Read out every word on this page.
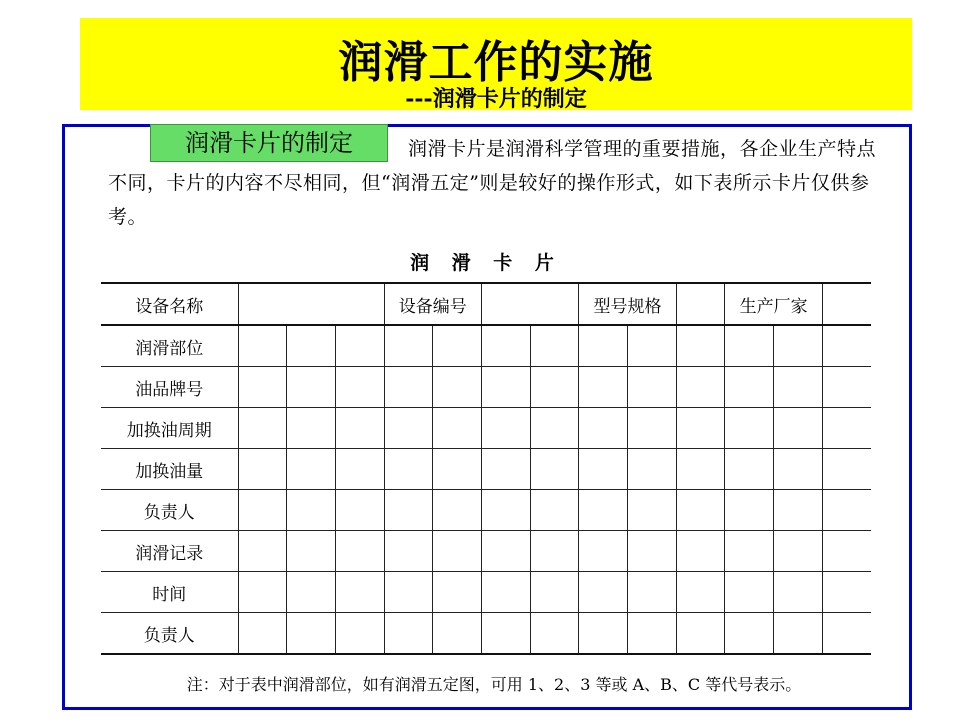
润滑工作的实施
---润滑卡片的制定
润滑卡片是润滑科学管理的重要措施，各企业生产特点不同，卡片的内容不尽相同，但“润滑五定”则是较好的操作形式，如下表所示卡片仅供参考。
润滑卡片的制定
润 滑 卡 片
设备名称				设备编号				型号规格			生产厂家		
润滑部位													
油品牌号													
加换油周期													
加换油量													
负责人													
润滑记录													
时间													
负责人													
注：对于表中润滑部位，如有润滑五定图，可用 1、2、3 等或 A、B、C 等代号表示。
